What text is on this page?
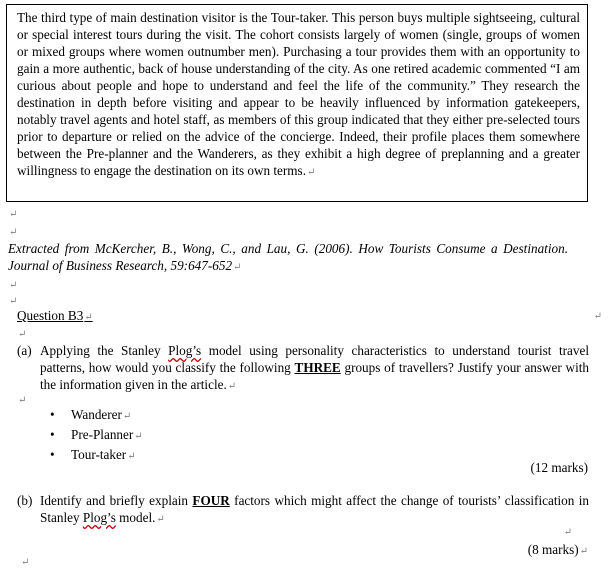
The third type of main destination visitor is the Tour-taker. This person buys multiple sightseeing, cultural or special interest tours during the visit. The cohort consists largely of women (single, groups of women or mixed groups where women outnumber men). Purchasing a tour provides them with an opportunity to gain a more authentic, back of house understanding of the city. As one retired academic commented “I am curious about people and hope to understand and feel the life of the community.” They research the destination in depth before visiting and appear to be heavily influenced by information gatekeepers, notably travel agents and hotel staff, as members of this group indicated that they either pre-selected tours prior to departure or relied on the advice of the concierge. Indeed, their profile places them somewhere between the Pre-planner and the Wanderers, as they exhibit a high degree of preplanning and a greater willingness to engage the destination on its own terms.↵
↵
↵
Extracted from McKercher, B., Wong, C., and Lau, G. (2006). How Tourists Consume a Destination. Journal of Business Research, 59:647-652↵
↵
↵
Question B3↵	↵
↵
(a) Applying the Stanley Plog’s model using personality characteristics to understand tourist travel patterns, how would you classify the following THREE groups of travellers? Justify your answer with the information given in the article.↵
↵
• Wanderer↵
• Pre-Planner↵
• Tour-taker↵
(12 marks)
(b) Identify and briefly explain FOUR factors which might affect the change of tourists’ classification in Stanley Plog’s model.↵
↵
(8 marks)↵
↵
